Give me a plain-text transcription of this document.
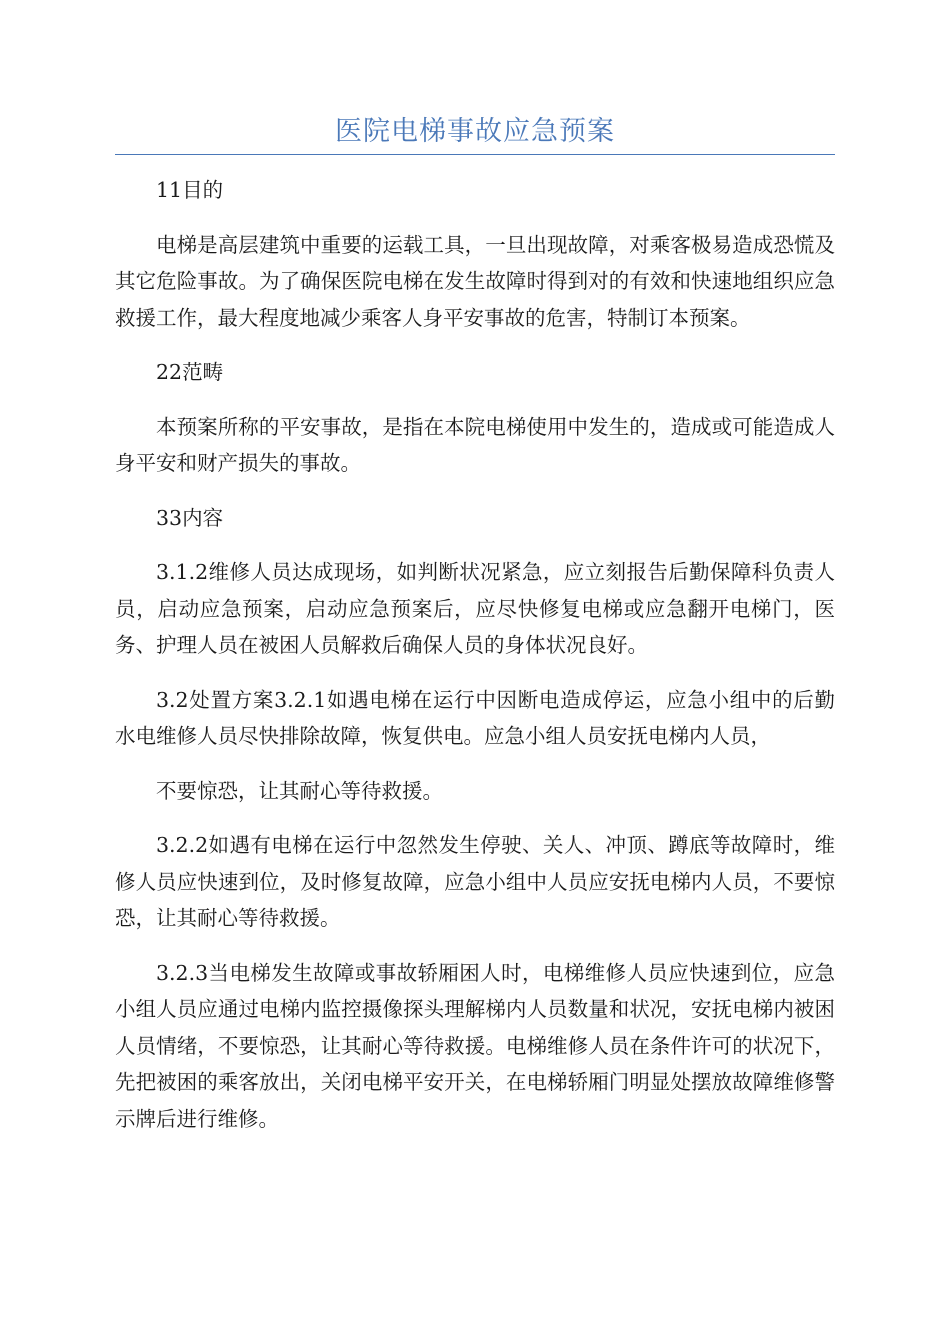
医院电梯事故应急预案

11目的

电梯是高层建筑中重要的运载工具，一旦出现故障，对乘客极易造成恐慌及其它危险事故。为了确保医院电梯在发生故障时得到对的有效和快速地组织应急救援工作，最大程度地减少乘客人身平安事故的危害，特制订本预案。

22范畴

本预案所称的平安事故，是指在本院电梯使用中发生的，造成或可能造成人身平安和财产损失的事故。

33内容

3.1.2维修人员达成现场，如判断状况紧急，应立刻报告后勤保障科负责人员，启动应急预案，启动应急预案后，应尽快修复电梯或应急翻开电梯门，医务、护理人员在被困人员解救后确保人员的身体状况良好。

3.2处置方案3.2.1如遇电梯在运行中因断电造成停运，应急小组中的后勤水电维修人员尽快排除故障，恢复供电。应急小组人员安抚电梯内人员，

不要惊恐，让其耐心等待救援。

3.2.2如遇有电梯在运行中忽然发生停驶、关人、冲顶、蹲底等故障时，维修人员应快速到位，及时修复故障，应急小组中人员应安抚电梯内人员，不要惊恐，让其耐心等待救援。

3.2.3当电梯发生故障或事故轿厢困人时，电梯维修人员应快速到位，应急小组人员应通过电梯内监控摄像探头理解梯内人员数量和状况，安抚电梯内被困人员情绪，不要惊恐，让其耐心等待救援。电梯维修人员在条件许可的状况下，先把被困的乘客放出，关闭电梯平安开关，在电梯轿厢门明显处摆放故障维修警示牌后进行维修。
